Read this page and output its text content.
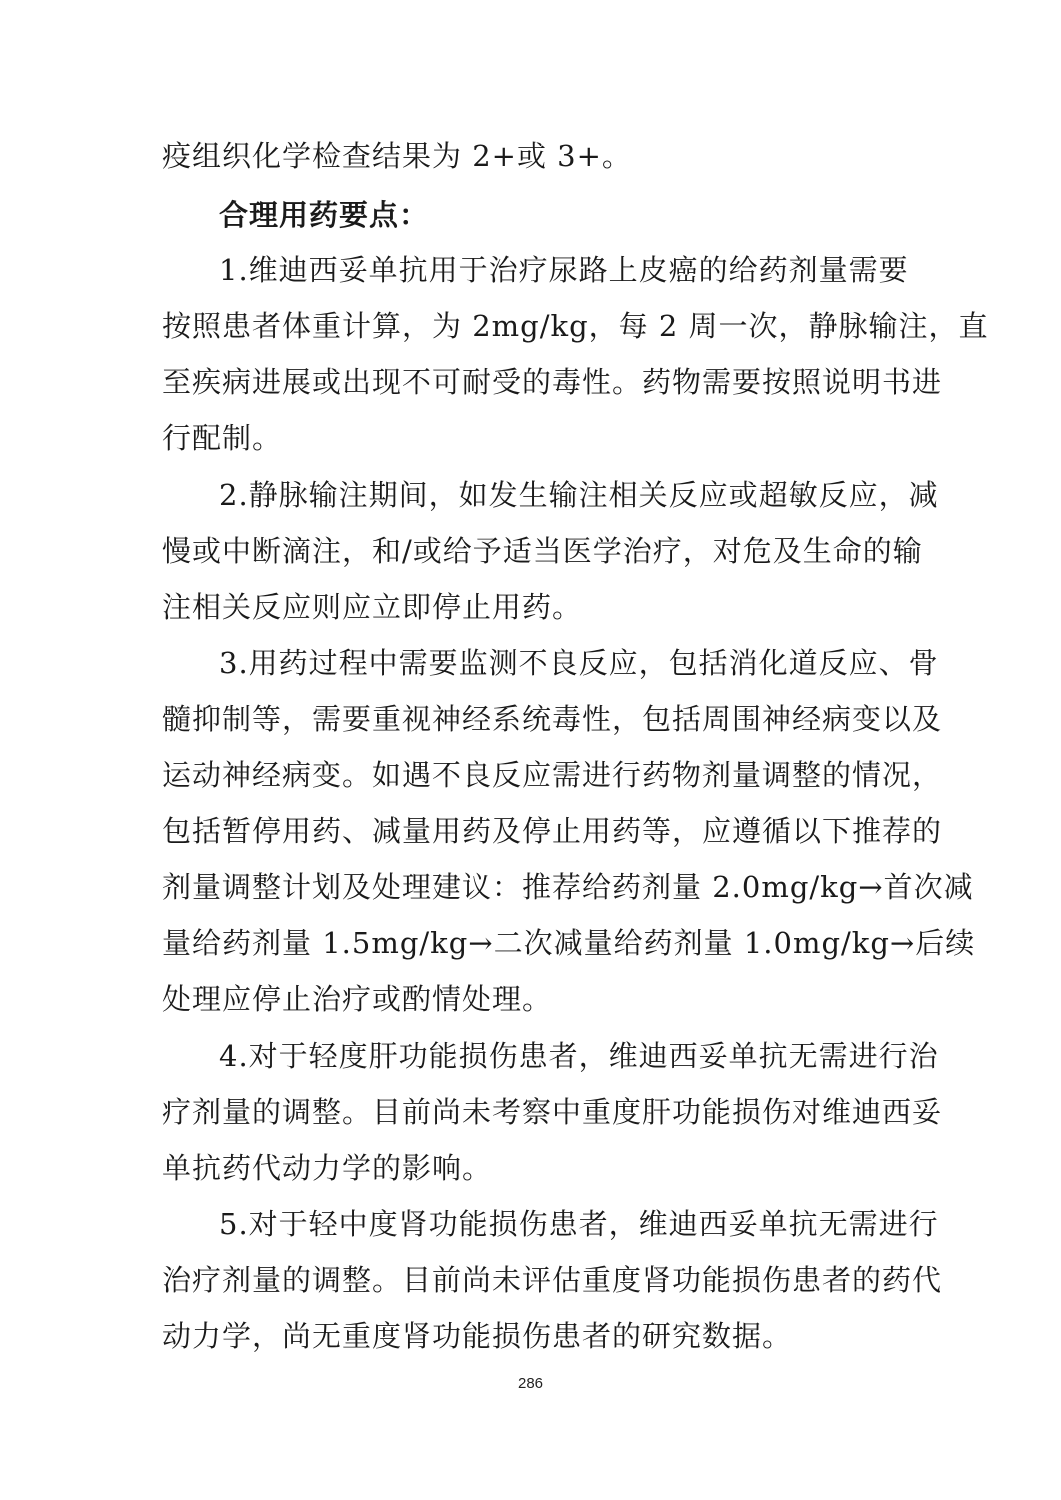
疫组织化学检查结果为 2+或 3+。
合理用药要点：
1.维迪西妥单抗用于治疗尿路上皮癌的给药剂量需要
按照患者体重计算，为 2mg/kg，每 2 周一次，静脉输注，直
至疾病进展或出现不可耐受的毒性。药物需要按照说明书进
行配制。
2.静脉输注期间，如发生输注相关反应或超敏反应，减
慢或中断滴注，和/或给予适当医学治疗，对危及生命的输
注相关反应则应立即停止用药。
3.用药过程中需要监测不良反应，包括消化道反应、骨
髓抑制等，需要重视神经系统毒性，包括周围神经病变以及
运动神经病变。如遇不良反应需进行药物剂量调整的情况，
包括暂停用药、减量用药及停止用药等，应遵循以下推荐的
剂量调整计划及处理建议：推荐给药剂量 2.0mg/kg→首次减
量给药剂量 1.5mg/kg→二次减量给药剂量 1.0mg/kg→后续
处理应停止治疗或酌情处理。
4.对于轻度肝功能损伤患者，维迪西妥单抗无需进行治
疗剂量的调整。目前尚未考察中重度肝功能损伤对维迪西妥
单抗药代动力学的影响。
5.对于轻中度肾功能损伤患者，维迪西妥单抗无需进行
治疗剂量的调整。目前尚未评估重度肾功能损伤患者的药代
动力学，尚无重度肾功能损伤患者的研究数据。
286
